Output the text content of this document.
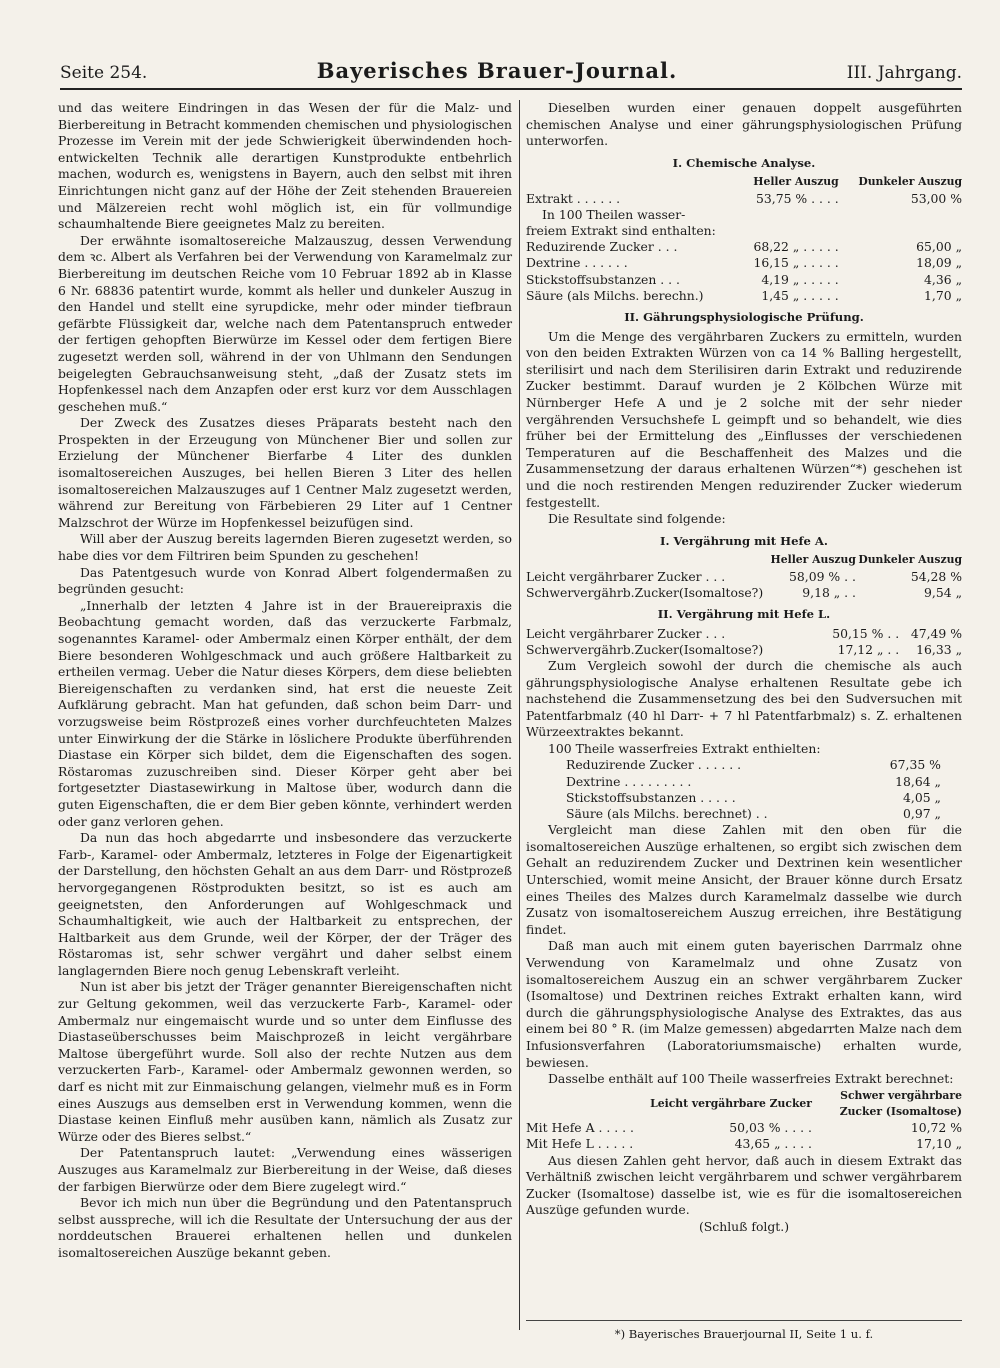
Seite 254.	Bayerisches Brauer-Journal.	III. Jahrgang.

und das weitere Eindringen in das Wesen der für die Malz- und Bierbereitung in Betracht kommenden chemischen und physiologischen Prozesse im Verein mit der jede Schwierigkeit überwindenden hoch-entwickelten Technik alle derartigen Kunstprodukte entbehrlich machen, wodurch es, wenigstens in Bayern, auch den selbst mit ihren Einrichtungen nicht ganz auf der Höhe der Zeit stehenden Brauereien und Mälzereien recht wohl möglich ist, ein für vollmundige schaumhaltende Biere geeignetes Malz zu bereiten.

Der erwähnte isomaltosereiche Malzauszug, dessen Verwendung dem ꝛc. Albert als Verfahren bei der Verwendung von Karamelmalz zur Bierbereitung im deutschen Reiche vom 10 Februar 1892 ab in Klasse 6 Nr. 68836 patentirt wurde, kommt als heller und dunkeler Auszug in den Handel und stellt eine syrupdicke, mehr oder minder tiefbraun gefärbte Flüssigkeit dar, welche nach dem Patentanspruch entweder der fertigen gehopften Bierwürze im Kessel oder dem fertigen Biere zugesetzt werden soll, während in der von Uhlmann den Sendungen beigelegten Gebrauchsanweisung steht, „daß der Zusatz stets im Hopfenkessel nach dem Anzapfen oder erst kurz vor dem Ausschlagen geschehen muß.“

Der Zweck des Zusatzes dieses Präparats besteht nach den Prospekten in der Erzeugung von Münchener Bier und sollen zur Erzielung der Münchener Bierfarbe 4 Liter des dunklen isomaltosereichen Auszuges, bei hellen Bieren 3 Liter des hellen isomaltosereichen Malzauszuges auf 1 Centner Malz zugesetzt werden, während zur Bereitung von Färbebieren 29 Liter auf 1 Centner Malzschrot der Würze im Hopfenkessel beizufügen sind.

Will aber der Auszug bereits lagernden Bieren zugesetzt werden, so habe dies vor dem Filtriren beim Spunden zu geschehen!

Das Patentgesuch wurde von Konrad Albert folgendermaßen zu begründen gesucht:

„Innerhalb der letzten 4 Jahre ist in der Brauereipraxis die Beobachtung gemacht worden, daß das verzuckerte Farbmalz, sogenanntes Karamel- oder Ambermalz einen Körper enthält, der dem Biere besonderen Wohlgeschmack und auch größere Haltbarkeit zu ertheilen vermag. Ueber die Natur dieses Körpers, dem diese beliebten Biereigenschaften zu verdanken sind, hat erst die neueste Zeit Aufklärung gebracht. Man hat gefunden, daß schon beim Darr- und vorzugsweise beim Röstprozeß eines vorher durchfeuchteten Malzes unter Einwirkung der die Stärke in löslichere Produkte überführenden Diastase ein Körper sich bildet, dem die Eigenschaften des sogen. Röstaromas zuzuschreiben sind. Dieser Körper geht aber bei fortgesetzter Diastasewirkung in Maltose über, wodurch dann die guten Eigenschaften, die er dem Bier geben könnte, verhindert werden oder ganz verloren gehen.

Da nun das hoch abgedarrte und insbesondere das verzuckerte Farb-, Karamel- oder Ambermalz, letzteres in Folge der Eigenartigkeit der Darstellung, den höchsten Gehalt an aus dem Darr- und Röstprozeß hervorgegangenen Röstprodukten besitzt, so ist es auch am geeignetsten, den Anforderungen auf Wohlgeschmack und Schaumhaltigkeit, wie auch der Haltbarkeit zu entsprechen, der Haltbarkeit aus dem Grunde, weil der Körper, der der Träger des Röstaromas ist, sehr schwer vergährt und daher selbst einem langlagernden Biere noch genug Lebenskraft verleiht.

Nun ist aber bis jetzt der Träger genannter Biereigenschaften nicht zur Geltung gekommen, weil das verzuckerte Farb-, Karamel- oder Ambermalz nur eingemaischt wurde und so unter dem Einflusse des Diastaseüberschusses beim Maischprozeß in leicht vergährbare Maltose übergeführt wurde. Soll also der rechte Nutzen aus dem verzuckerten Farb-, Karamel- oder Ambermalz gewonnen werden, so darf es nicht mit zur Einmaischung gelangen, vielmehr muß es in Form eines Auszugs aus demselben erst in Verwendung kommen, wenn die Diastase keinen Einfluß mehr ausüben kann, nämlich als Zusatz zur Würze oder des Bieres selbst.“

Der Patentanspruch lautet: „Verwendung eines wässerigen Auszuges aus Karamelmalz zur Bierbereitung in der Weise, daß dieses der farbigen Bierwürze oder dem Biere zugelegt wird.“

Bevor ich mich nun über die Begründung und den Patentanspruch selbst ausspreche, will ich die Resultate der Untersuchung der aus der norddeutschen Brauerei erhaltenen hellen und dunkelen isomaltosereichen Auszüge bekannt geben.

Dieselben wurden einer genauen doppelt ausgeführten chemischen Analyse und einer gährungsphysiologischen Prüfung unterworfen.

I. Chemische Analyse.
	Heller Auszug	Dunkeler Auszug
Extrakt . . . . . .	53,75 % . . . .	53,00 %
In 100 Theilen wasser-		
freiem Extrakt sind enthalten:		
Reduzirende Zucker . . .	68,22 „ . . . . .	65,00 „
Dextrine . . . . . .	16,15 „ . . . . .	18,09 „
Stickstoffsubstanzen . . .	4,19 „ . . . . .	4,36 „
Säure (als Milchs. berechn.)	1,45 „ . . . . .	1,70 „
II. Gährungsphysiologische Prüfung.

Um die Menge des vergährbaren Zuckers zu ermitteln, wurden von den beiden Extrakten Würzen von ca 14 % Balling hergestellt, sterilisirt und nach dem Sterilisiren darin Extrakt und reduzirende Zucker bestimmt. Darauf wurden je 2 Kölbchen Würze mit Nürnberger Hefe A und je 2 solche mit der sehr nieder vergährenden Versuchshefe L geimpft und so behandelt, wie dies früher bei der Ermittelung des „Einflusses der verschiedenen Temperaturen auf die Beschaffenheit des Malzes und die Zusammensetzung der daraus erhaltenen Würzen“*) geschehen ist und die noch restirenden Mengen reduzirender Zucker wiederum festgestellt.

Die Resultate sind folgende:

I. Vergährung mit Hefe A.
	Heller Auszug	Dunkeler Auszug
Leicht vergährbarer Zucker . . .	58,09 % . .	54,28 %
Schwervergährb.Zucker(Isomaltose?)	9,18 „ . .	9,54 „
II. Vergährung mit Hefe L.
Leicht vergährbarer Zucker . . .	50,15 % . .	47,49 %
Schwervergährb.Zucker(Isomaltose?)	17,12 „ . .	16,33 „

Zum Vergleich sowohl der durch die chemische als auch gährungsphysiologische Analyse erhaltenen Resultate gebe ich nachstehend die Zusammensetzung des bei den Sudversuchen mit Patentfarbmalz (40 hl Darr- + 7 hl Patentfarbmalz) s. Z. erhaltenen Würzeextraktes bekannt.

100 Theile wasserfreies Extrakt enthielten:

Reduzirende Zucker . . . . . .	67,35 %
Dextrine . . . . . . . . .	18,64 „
Stickstoffsubstanzen . . . . .	4,05 „
Säure (als Milchs. berechnet) . .	0,97 „

Vergleicht man diese Zahlen mit den oben für die isomaltosereichen Auszüge erhaltenen, so ergibt sich zwischen dem Gehalt an reduzirendem Zucker und Dextrinen kein wesentlicher Unterschied, womit meine Ansicht, der Brauer könne durch Ersatz eines Theiles des Malzes durch Karamelmalz dasselbe wie durch Zusatz von isomaltosereichem Auszug erreichen, ihre Bestätigung findet.

Daß man auch mit einem guten bayerischen Darrmalz ohne Verwendung von Karamelmalz und ohne Zusatz von isomaltosereichem Auszug ein an schwer vergährbarem Zucker (Isomaltose) und Dextrinen reiches Extrakt erhalten kann, wird durch die gährungsphysiologische Analyse des Extraktes, das aus einem bei 80 ° R. (im Malze gemessen) abgedarrten Malze nach dem Infusionsverfahren (Laboratoriumsmaische) erhalten wurde, bewiesen.

Dasselbe enthält auf 100 Theile wasserfreies Extrakt berechnet:

	Leicht vergährbare Zucker	Schwer vergährbare Zucker (Isomaltose)
Mit Hefe A . . . . .	50,03 % . . . .	10,72 %
Mit Hefe L . . . . .	43,65 „ . . . .	17,10 „

Aus diesen Zahlen geht hervor, daß auch in diesem Extrakt das Verhältniß zwischen leicht vergährbarem und schwer vergährbarem Zucker (Isomaltose) dasselbe ist, wie es für die isomaltosereichen Auszüge gefunden wurde.

(Schluß folgt.)

*) Bayerisches Brauerjournal II, Seite 1 u. f.
